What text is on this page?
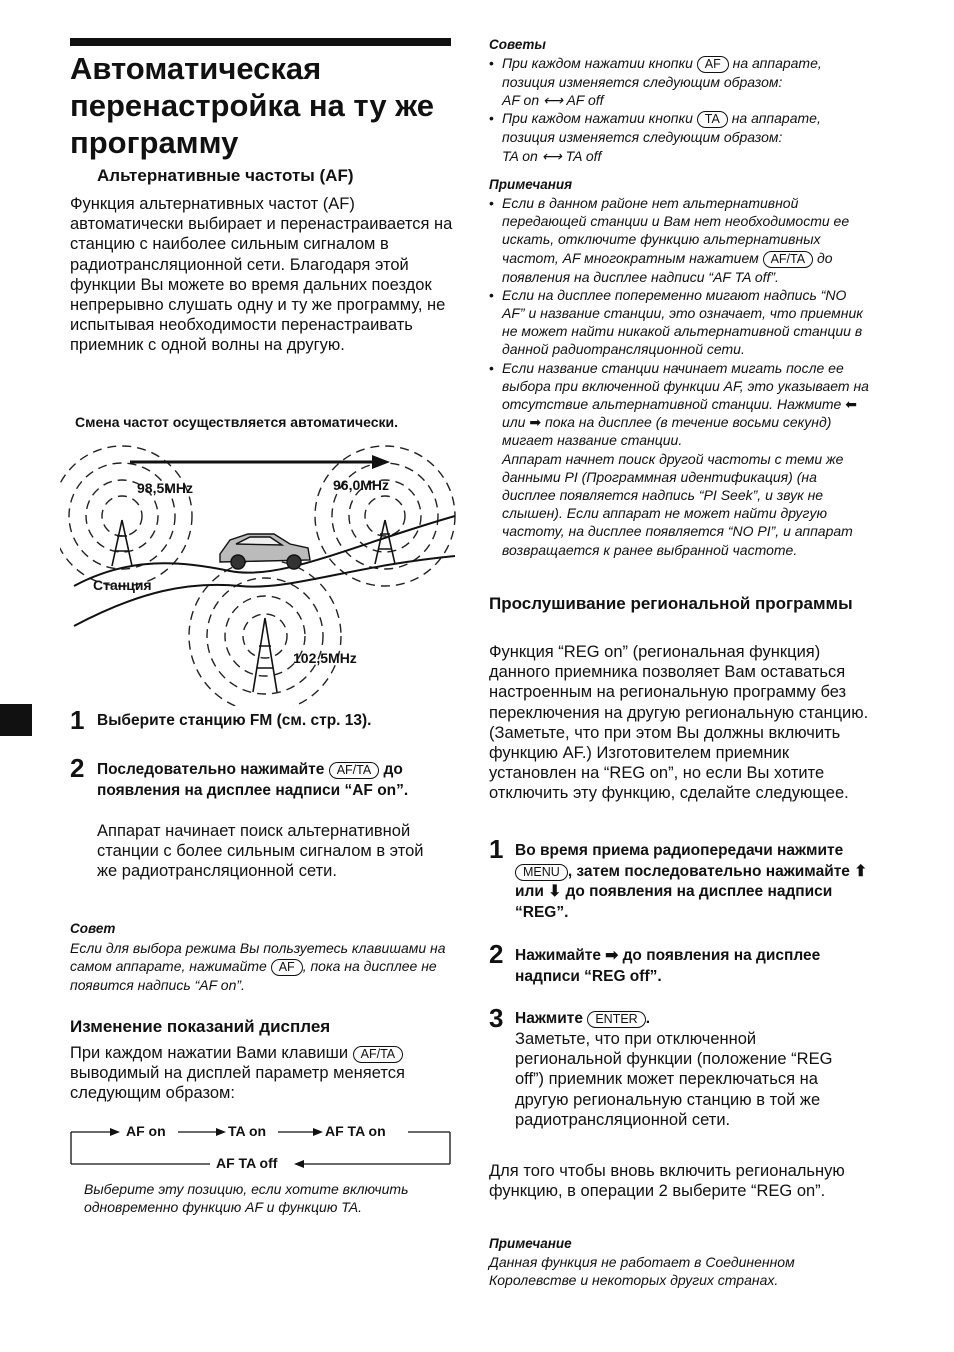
Автоматическая перенастройка на ту же программу
Альтернативные частоты (AF)
Функция альтернативных частот (AF) автоматически выбирает и перенастраивается на станцию с наиболее сильным сигналом в радиотрансляционной сети. Благодаря этой функции Вы можете во время дальних поездок непрерывно слушать одну и ту же программу, не испытывая необходимости перенастраивать приемник с одной волны на другую.
Смена частот осуществляется автоматически.
98,5MHz	96,0MHz
102,5MHz
Станция
1 Выберите станцию FM (см. стр. 13).
2 Последовательно нажимайте AF/TA до появления на дисплее надписи “AF on”.
Аппарат начинает поиск альтернативной станции с более сильным сигналом в этой же радиотрансляционной сети.
Совет
Если для выбора режима Вы пользуетесь клавишами на самом аппарате, нажимайте AF , пока на дисплее не появится надпись “AF on”.
Изменение показаний дисплея
При каждом нажатии Вами клавиши AF/TA выводимый на дисплей параметр меняется следующим образом:
AF on	TA on	AF TA on
AF TA off
Выберите эту позицию, если хотите включить одновременно функцию AF и функцию TA.
Советы
• При каждом нажатии кнопки AF на аппарате, позиция изменяется следующим образом:
AF on ⟷ AF off
• При каждом нажатии кнопки TA на аппарате, позиция изменяется следующим образом:
TA on ⟷ TA off
Примечания
• Если в данном районе нет альтернативной передающей станции и Вам нет необходимости ее искать, отключите функцию альтернативных частот, AF многократным нажатием AF/TA до появления на дисплее надписи “AF TA off”.
• Если на дисплее попеременно мигают надпись “NO AF” и название станции, это означает, что приемник не может найти никакой альтернативной станции в данной радиотрансляционной сети.
• Если название станции начинает мигать после ее выбора при включенной функции AF, это указывает на отсутствие альтернативной станции. Нажмите ⬅ или ➡ пока на дисплее (в течение восьми секунд) мигает название станции.
Аппарат начнет поиск другой частоты с теми же данными PI (Программная идентификация) (на дисплее появляется надпись “PI Seek”, и звук не слышен). Если аппарат не может найти другую частоту, на дисплее появляется “NO PI”, и аппарат возвращается к ранее выбранной частоте.
Прослушивание региональной программы
Функция “REG on” (региональная функция) данного приемника позволяет Вам оставаться настроенным на региональную программу без переключения на другую региональную станцию. (Заметьте, что при этом Вы должны включить функцию AF.) Изготовителем приемник установлен на “REG on”, но если Вы хотите отключить эту функцию, сделайте следующее.
1 Во время приема радиопередачи нажмите MENU , затем последовательно нажимайте ⬆ или ⬇ до появления на дисплее надписи “REG”.
2 Нажимайте ➡ до появления на дисплее надписи “REG off”.
3 Нажмите ENTER .
Заметьте, что при отключенной региональной функции (положение “REG off”) приемник может переключаться на другую региональную станцию в той же радиотрансляционной сети.
Для того чтобы вновь включить региональную функцию, в операции 2 выберите “REG on”.
Примечание
Данная функция не работает в Соединенном Королевстве и некоторых других странах.
